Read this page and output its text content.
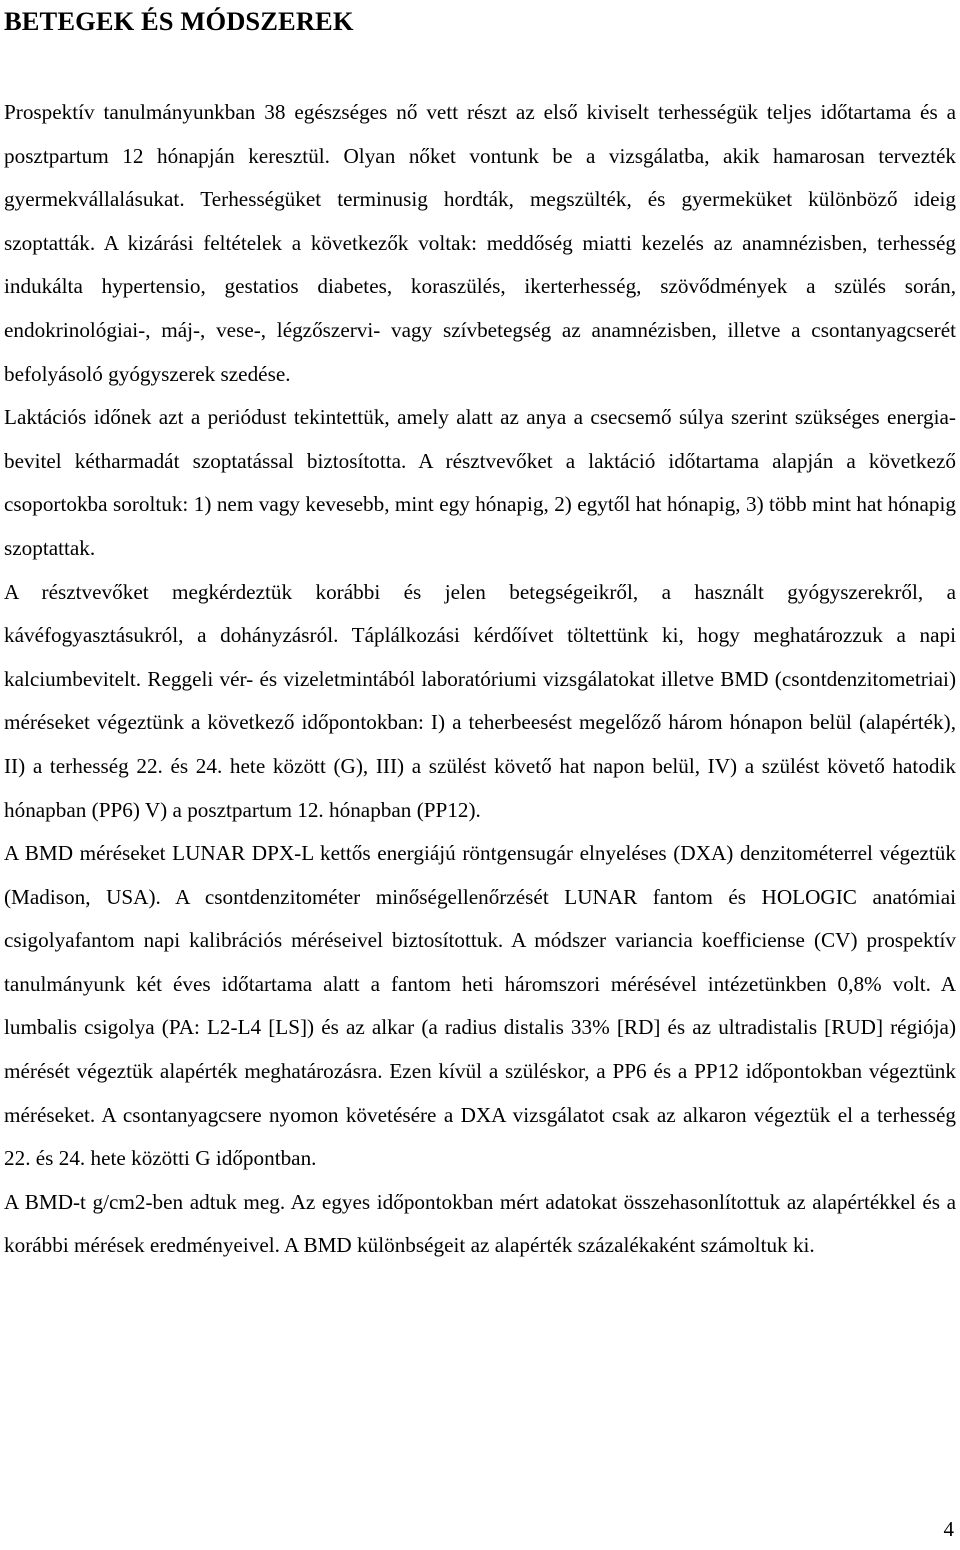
BETEGEK ÉS MÓDSZEREK

Prospektív tanulmányunkban 38 egészséges nő vett részt az első kiviselt terhességük teljes időtartama és a posztpartum 12 hónapján keresztül. Olyan nőket vontunk be a vizsgálatba, akik hamarosan tervezték gyermekvállalásukat. Terhességüket terminusig hordták, megszülték, és gyermeküket különböző ideig szoptatták. A kizárási feltételek a következők voltak: meddőség miatti kezelés az anamnézisben, terhesség indukálta hypertensio, gestatios diabetes, koraszülés, ikerterhesség, szövődmények a szülés során, endokrinológiai-, máj-, vese-, légzőszervi- vagy szívbetegség az anamnézisben, illetve a csontanyagcserét befolyásoló gyógyszerek szedése.

Laktációs időnek azt a periódust tekintettük, amely alatt az anya a csecsemő súlya szerint szükséges energia-bevitel kétharmadát szoptatással biztosította. A résztvevőket a laktáció időtartama alapján a következő csoportokba soroltuk: 1) nem vagy kevesebb, mint egy hónapig, 2) egytől hat hónapig, 3) több mint hat hónapig szoptattak.

A résztvevőket megkérdeztük korábbi és jelen betegségeikről, a használt gyógyszerekről, a kávéfogyasztásukról, a dohányzásról. Táplálkozási kérdőívet töltettünk ki, hogy meghatározzuk a napi kalciumbevitelt. Reggeli vér- és vizeletmintából laboratóriumi vizsgálatokat illetve BMD (csontdenzitometriai) méréseket végeztünk a következő időpontokban: I) a teherbeesést megelőző három hónapon belül (alapérték), II) a terhesség 22. és 24. hete között (G), III) a szülést követő hat napon belül, IV) a szülést követő hatodik hónapban (PP6) V) a posztpartum 12. hónapban (PP12).

A BMD méréseket LUNAR DPX-L kettős energiájú röntgensugár elnyeléses (DXA) denzitométerrel végeztük (Madison, USA). A csontdenzitométer minőségellenőrzését LUNAR fantom és HOLOGIC anatómiai csigolyafantom napi kalibrációs méréseivel biztosítottuk. A módszer variancia koefficiense (CV) prospektív tanulmányunk két éves időtartama alatt a fantom heti háromszori mérésével intézetünkben 0,8% volt. A lumbalis csigolya (PA: L2-L4 [LS]) és az alkar (a radius distalis 33% [RD] és az ultradistalis [RUD] régiója) mérését végeztük alapérték meghatározásra. Ezen kívül a szüléskor, a PP6 és a PP12 időpontokban végeztünk méréseket. A csontanyagcsere nyomon követésére a DXA vizsgálatot csak az alkaron végeztük el a terhesség 22. és 24. hete közötti G időpontban.

A BMD-t g/cm2-ben adtuk meg. Az egyes időpontokban mért adatokat összehasonlítottuk az alapértékkel és a korábbi mérések eredményeivel. A BMD különbségeit az alapérték százalékaként számoltuk ki.

4
